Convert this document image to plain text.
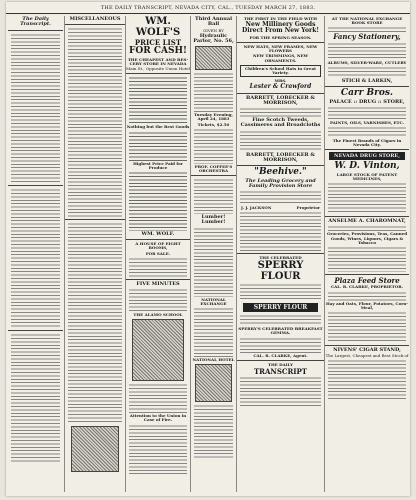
THE DAILY TRANSCRIPT, NEVADA CITY, CAL., TUESDAY MARCH 27, 1883.
The Daily Transcript.
MISCELLANEOUS	WM. WOLF'S
PRICE LIST
FOR CASH!
THE CHEAPEST AND BES- CERY STORE IN NEVADA
Main St., Opposite Union Hotel
Nothing but the Best Goods
Highest Price Paid for Produce
WM. WOLF.
A HOUSE OF EIGHT ROOMS,
FOR SALE.
FIVE MINUTES
THE ALAMO SCHOOL
Attention to the Union in Case of Fire.
Third Annual Ball
GIVEN BY
Hydraulic Parlor, No. 56,
Tuesday Evening, April 24, 1883
Tickets, $2.50
PROF. COFFEE'S ORCHESTRA
Lumber! Lumber!
NATIONAL EXCHANGE
NATIONAL HOTEL
THE FIRST IN THE FIELD WITH
New Millinery Goods Direct From New York!
FOR THE SPRING SEASON.
NEW HATS, NEW FRAMES, NEW FLOWERS
NEW TRIMMINGS, NEW ORNAMENTS.
Children's School Hats in Great Variety.
MRS.
Lester & Crawford
BARRETT, LOBECKER & MORRISON,
Fine Scotch Tweeds, Cassimeres and Broadcloths
BARRETT, LOBECKER & MORRISON,
"Beehive."
The Leading Grocery and Family Provision Store
J. J. JACKSON	Proprietor
THE CELEBRATED
SPERRY FLOUR
SPERRY FLOUR
SPERRY'S CELEBRATED BREAKFAST GEMMA.
CAL. R. CLARKE, Agent.
THE DAILY
TRANSCRIPT
AT THE NATIONAL EXCHANGE BOOK STORE
Fancy Stationery,
ALBUMS, SILVER-WARE, CUTLERY
STICH & LARKIN,
Carr Bros.
PALACE :: DRUG :: STORE,
PAINTS, OILS, VARNISHES, ETC.
The Finest Brands of Cigars in Nevada City.
NEVADA DRUG STORE,
W. D. Vinton,
LARGE STOCK OF PATENT MEDICINES,
ANSELME A. CHAROMNAT,
Groceries, Provisions, Teas, Canned Goods, Wines, Liquors, Cigars & Tobacco
Plaza Feed Store
CAL. R. CLARKE, PROPRIETOR.
Hay and Oats, Flour, Potatoes, Corn-Meal,
NIVENS' CIGAR STAND,
The Largest, Cheapest and Best Stock of
